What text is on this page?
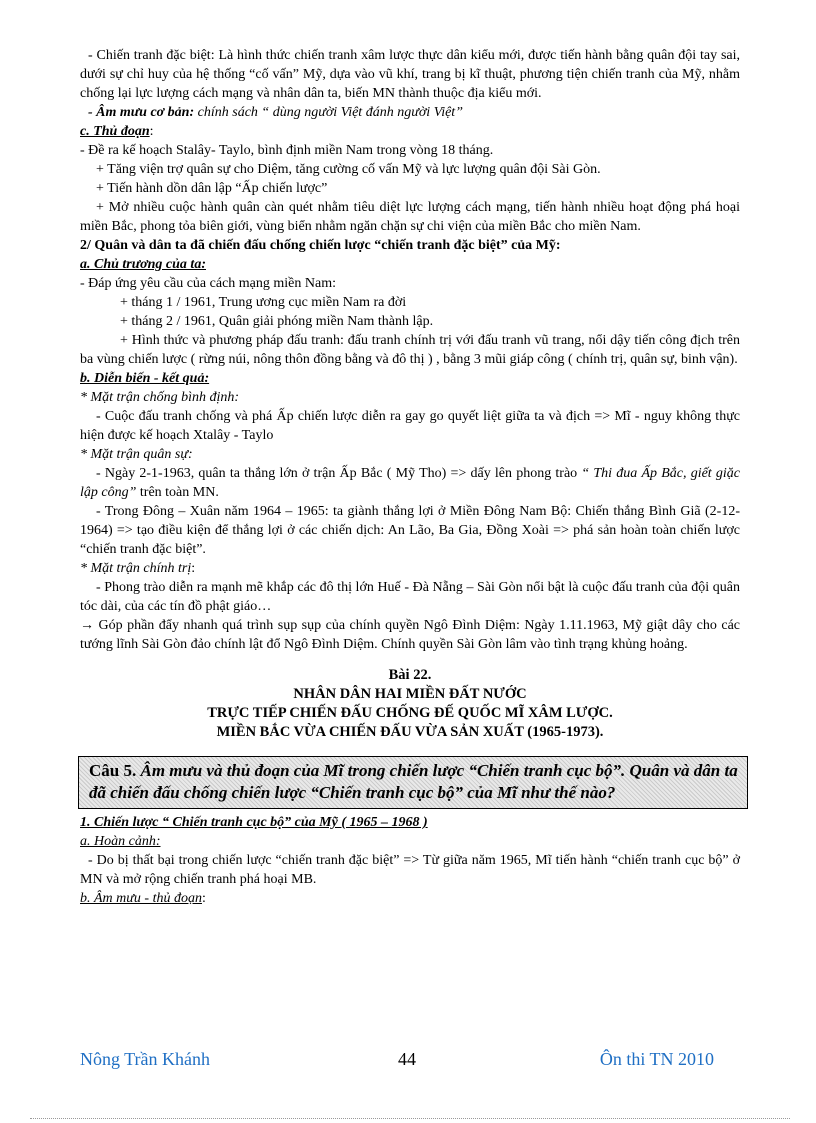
- Chiến tranh đặc biệt: Là hình thức chiến tranh xâm lược thực dân kiểu mới, được tiến hành bằng quân đội tay sai, dưới sự chỉ huy của hệ thống “cố vấn” Mỹ, dựa vào vũ khí, trang bị kĩ thuật, phương tiện chiến tranh của Mỹ, nhằm chống lại lực lượng cách mạng và nhân dân ta, biến MN thành thuộc địa kiểu mới.

- Âm mưu cơ bản: chính sách “ dùng người Việt đánh người Việt”

c. Thủ đoạn:

- Đề ra kế hoạch Stalây- Taylo, bình định miền Nam trong vòng 18 tháng.

+ Tăng viện trợ quân sự cho Diệm, tăng cường cố vấn Mỹ và lực lượng quân đội Sài Gòn.

+ Tiến hành dồn dân lập “Ấp chiến lược”

+ Mở nhiều cuộc hành quân càn quét nhằm tiêu diệt lực lượng cách mạng, tiến hành nhiều hoạt động phá hoại miền Bắc, phong tỏa biên giới, vùng biển nhằm ngăn chặn sự chi viện của miền Bắc cho miền Nam.

2/ Quân và dân ta đã chiến đấu chống chiến lược “chiến tranh đặc biệt” của Mỹ:

a. Chủ trương của ta:

- Đáp ứng yêu cầu của cách mạng miền Nam:

+ tháng 1 / 1961, Trung ương cục miền Nam ra đời

+ tháng 2 / 1961, Quân giải phóng miền Nam thành lập.

+ Hình thức và phương pháp đấu tranh: đấu tranh chính trị với đấu tranh vũ trang, nổi dậy tiến công địch trên ba vùng chiến lược ( rừng núi, nông thôn đồng bằng và đô thị ) , bằng 3 mũi giáp công ( chính trị, quân sự, binh vận).

b. Diễn biến - kết quả:

* Mặt trận chống bình định:

- Cuộc đấu tranh chống và phá Ấp chiến lược diễn ra gay go quyết liệt giữa ta và địch => Mĩ - nguy không thực hiện được kế hoạch Xtalây - Taylo

* Mặt trận quân sự:

- Ngày 2-1-1963, quân ta thắng lớn ở trận Ấp Bắc ( Mỹ Tho) => dấy lên phong trào “ Thi đua Ấp Bắc, giết giặc lập công” trên toàn MN.

- Trong Đông – Xuân năm 1964 – 1965: ta giành thắng lợi ở Miền Đông Nam Bộ: Chiến thắng Bình Giã (2-12-1964) => tạo điều kiện để thắng lợi ở các chiến dịch: An Lão, Ba Gia, Đồng Xoài => phá sản hoàn toàn chiến lược “chiến tranh đặc biệt”.

* Mặt trận chính trị:

- Phong trào diễn ra mạnh mẽ khắp các đô thị lớn Huế - Đà Nẵng – Sài Gòn nổi bật là cuộc đấu tranh của đội quân tóc dài, của các tín đồ phật giáo…

→ Góp phần đẩy nhanh quá trình sụp sụp của chính quyền Ngô Đình Diệm: Ngày 1.11.1963, Mỹ giật dây cho các tướng lĩnh Sài Gòn đảo chính lật đổ Ngô Đình Diệm. Chính quyền Sài Gòn lâm vào tình trạng khủng hoảng.

Bài 22.
NHÂN DÂN HAI MIỀN ĐẤT NƯỚC
TRỰC TIẾP CHIẾN ĐẤU CHỐNG ĐẾ QUỐC MĨ XÂM LƯỢC.
MIỀN BẮC VỪA CHIẾN ĐẤU VỪA SẢN XUẤT (1965-1973).
Câu 5. Âm mưu và thủ đoạn của Mĩ trong chiến lược “Chiến tranh cục bộ”. Quân và dân ta đã chiến đấu chống chiến lược “Chiến tranh cục bộ” của Mĩ như thế nào?

1. Chiến lược “ Chiến tranh cục bộ” của Mỹ ( 1965 – 1968 )

a. Hoàn cảnh:

- Do bị thất bại trong chiến lược “chiến tranh đặc biệt” => Từ giữa năm 1965, Mĩ tiến hành “chiến tranh cục bộ” ở MN và mở rộng chiến tranh phá hoại MB.

b. Âm mưu - thủ đoạn:

Nông Trần Khánh	44	Ôn thi TN 2010
